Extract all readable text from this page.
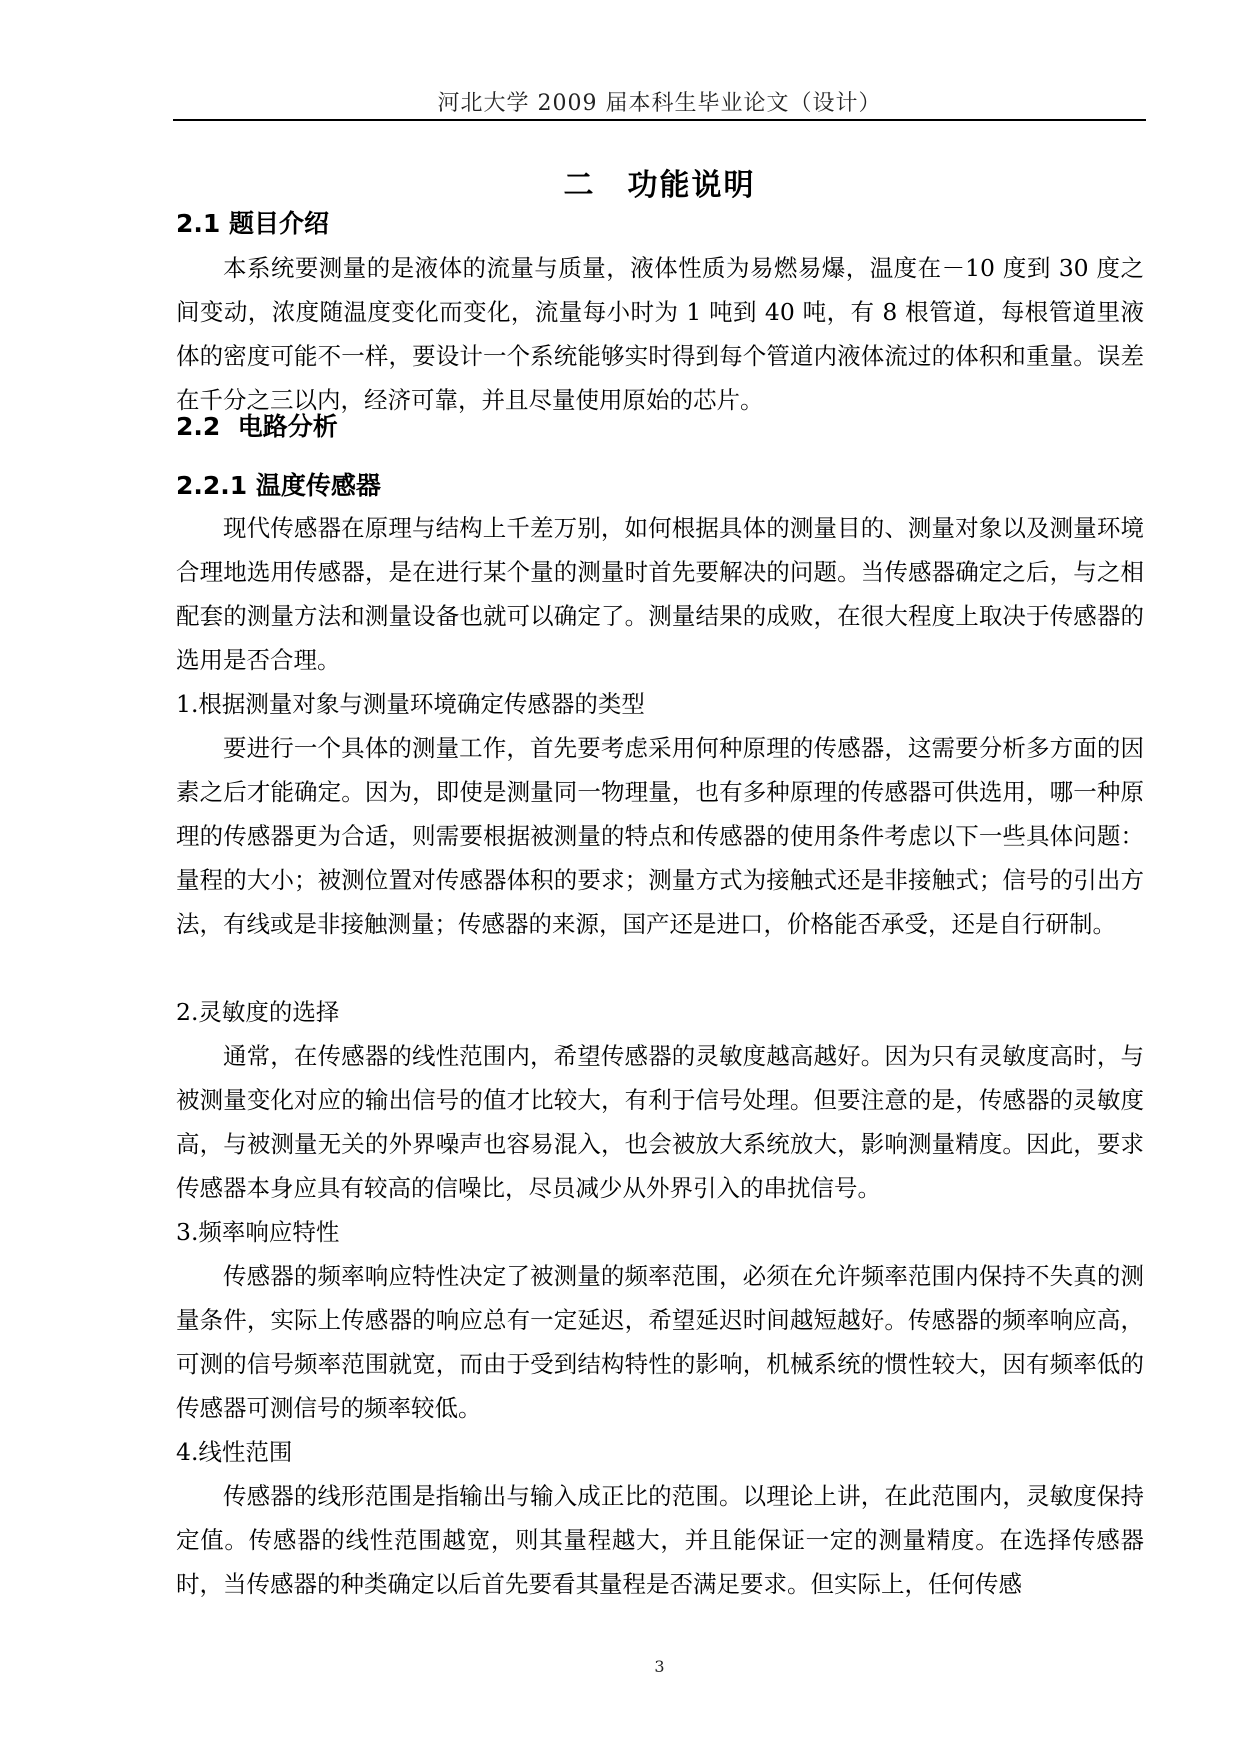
河北大学 2009 届本科生毕业论文（设计）
二　功能说明
2.1 题目介绍

本系统要测量的是液体的流量与质量，液体性质为易燃易爆，温度在－10 度到 30 度之间变动，浓度随温度变化而变化，流量每小时为 1 吨到 40 吨，有 8 根管道，每根管道里液体的密度可能不一样，要设计一个系统能够实时得到每个管道内液体流过的体积和重量。误差在千分之三以内，经济可靠，并且尽量使用原始的芯片。

2.2  电路分析
2.2.1 温度传感器

现代传感器在原理与结构上千差万别，如何根据具体的测量目的、测量对象以及测量环境合理地选用传感器，是在进行某个量的测量时首先要解决的问题。当传感器确定之后，与之相配套的测量方法和测量设备也就可以确定了。测量结果的成败，在很大程度上取决于传感器的选用是否合理。

1.根据测量对象与测量环境确定传感器的类型

要进行一个具体的测量工作，首先要考虑采用何种原理的传感器，这需要分析多方面的因素之后才能确定。因为，即使是测量同一物理量，也有多种原理的传感器可供选用，哪一种原理的传感器更为合适，则需要根据被测量的特点和传感器的使用条件考虑以下一些具体问题：量程的大小；被测位置对传感器体积的要求；测量方式为接触式还是非接触式；信号的引出方法，有线或是非接触测量；传感器的来源，国产还是进口，价格能否承受，还是自行研制。

2.灵敏度的选择

通常，在传感器的线性范围内，希望传感器的灵敏度越高越好。因为只有灵敏度高时，与被测量变化对应的输出信号的值才比较大，有利于信号处理。但要注意的是，传感器的灵敏度高，与被测量无关的外界噪声也容易混入，也会被放大系统放大，影响测量精度。因此，要求传感器本身应具有较高的信噪比，尽员减少从外界引入的串扰信号。

3.频率响应特性

传感器的频率响应特性决定了被测量的频率范围，必须在允许频率范围内保持不失真的测量条件，实际上传感器的响应总有一定延迟，希望延迟时间越短越好。传感器的频率响应高，可测的信号频率范围就宽，而由于受到结构特性的影响，机械系统的惯性较大，因有频率低的传感器可测信号的频率较低。

4.线性范围

传感器的线形范围是指输出与输入成正比的范围。以理论上讲，在此范围内，灵敏度保持定值。传感器的线性范围越宽，则其量程越大，并且能保证一定的测量精度。在选择传感器时，当传感器的种类确定以后首先要看其量程是否满足要求。但实际上，任何传感

3
